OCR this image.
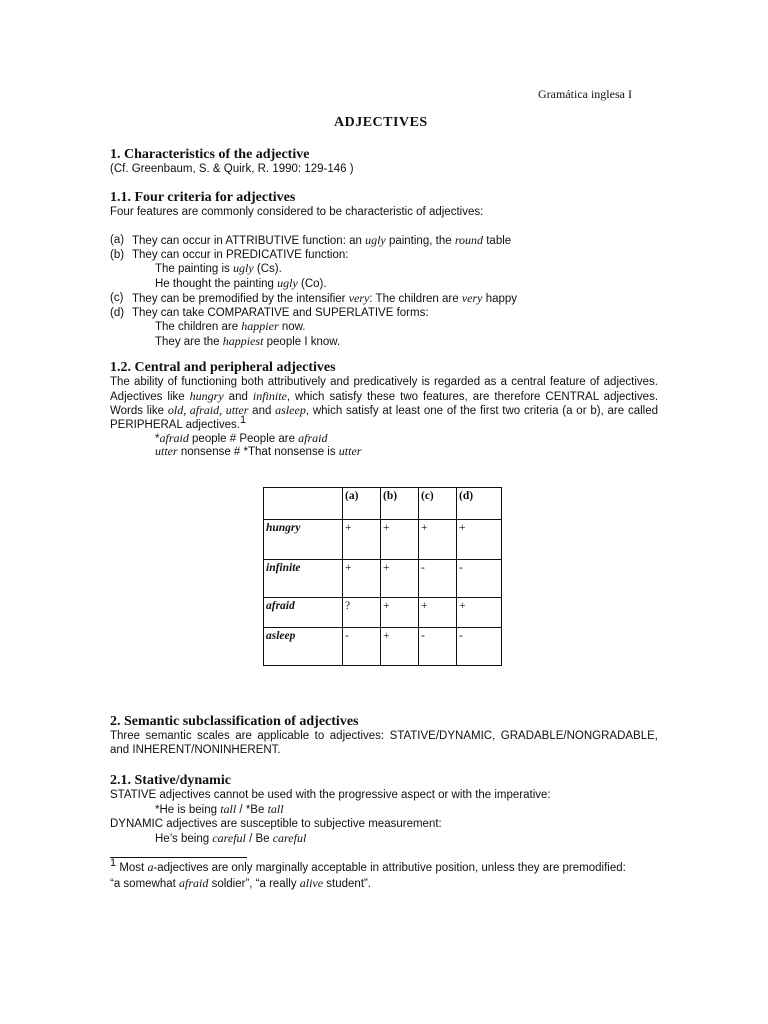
Gramática inglesa I
ADJECTIVES
1. Characteristics of the adjective
(Cf. Greenbaum, S. & Quirk, R. 1990: 129-146 )
1.1. Four criteria for adjectives
Four features are commonly considered to be characteristic of adjectives:
(a) They can occur in ATTRIBUTIVE function: an ugly painting, the round table
(b) They can occur in PREDICATIVE function:
The painting is ugly (Cs).
He thought the painting ugly (Co).
(c) They can be premodified by the intensifier very: The children are very happy
(d) They can take COMPARATIVE and SUPERLATIVE forms:
The children are happier now.
They are the happiest people I know.
1.2. Central and peripheral adjectives
The ability of functioning both attributively and predicatively is regarded as a central feature of adjectives. Adjectives like hungry and infinite, which satisfy these two features, are therefore CENTRAL adjectives. Words like old, afraid, utter and asleep, which satisfy at least one of the first two criteria (a or b), are called PERIPHERAL adjectives.$^1$
*afraid people # People are afraid
utter nonsense # *That nonsense is utter
	(a)	(b)	(c)	(d)
hungry	+	+	+	+
infinite	+	+	-	-
afraid	?	+	+	+
asleep	-	+	-	-
2. Semantic subclassification of adjectives
Three semantic scales are applicable to adjectives: STATIVE/DYNAMIC, GRADABLE/NONGRADABLE, and INHERENT/NONINHERENT.
2.1. Stative/dynamic
STATIVE adjectives cannot be used with the progressive aspect or with the imperative:
*He is being tall / *Be tall
DYNAMIC adjectives are susceptible to subjective measurement:
He’s being careful / Be careful
$^1$ Most a-adjectives are only marginally acceptable in attributive position, unless they are premodified:
“a somewhat afraid soldier”, “a really alive student”.
